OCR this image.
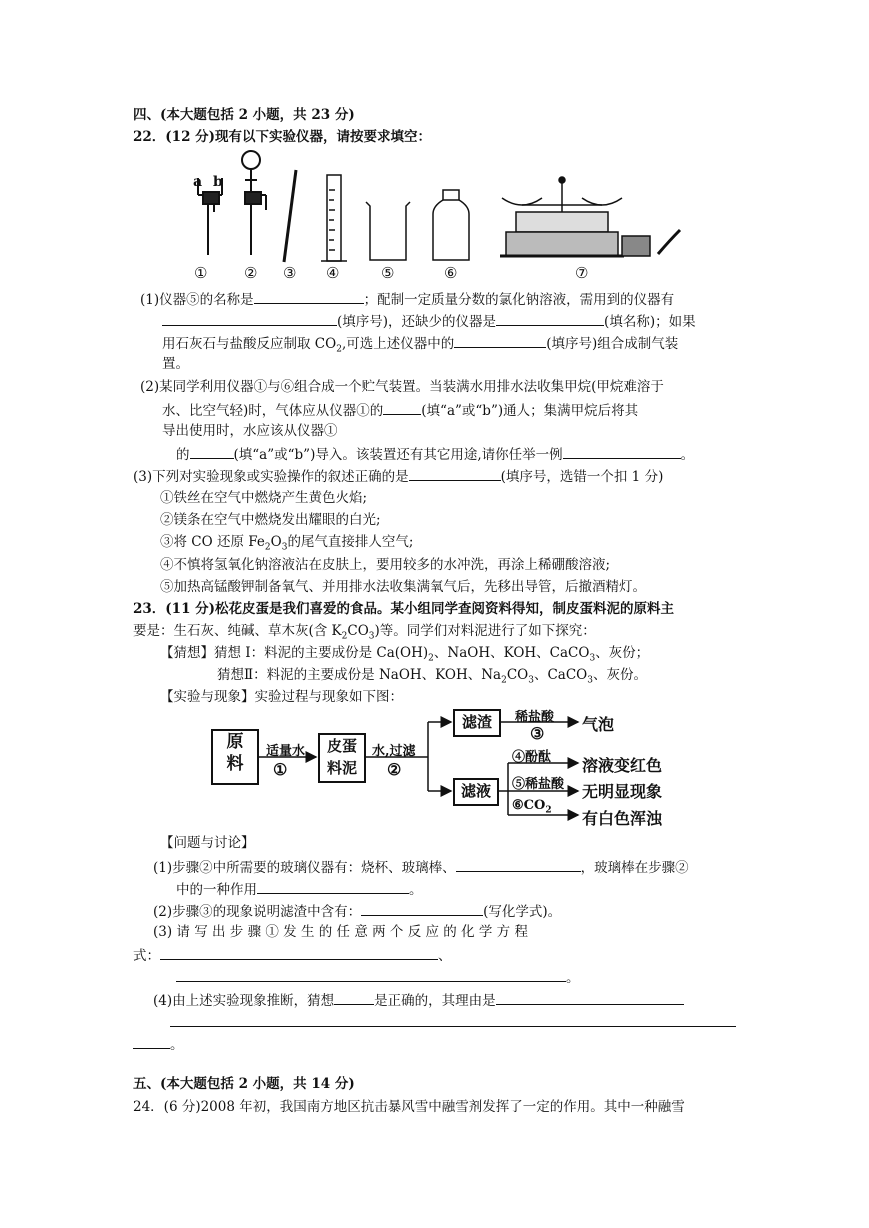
四、(本大题包括 2 小题，共 23 分)
22．(12 分)现有以下实验仪器，请按要求填空：
a b
① ② ③ ④	⑤	⑥	⑦
(1)仪器⑤的名称是	；配制一定质量分数的氯化钠溶液，需用到的仪器有
(填序号)，还缺少的仪器是	(填名称)；如果
用石灰石与盐酸反应制取 $CO_2$,可选上述仪器中的	(填序号)组合成制气装
置。
(2)某同学利用仪器①与⑥组合成一个贮气装置。当装满水用排水法收集甲烷(甲烷难溶于
水、比空气轻)时，气体应从仪器①的	(填“a”或“b”)通人；集满甲烷后将其
导出使用时，水应该从仪器①
的	(填“a”或“b”)导入。该装置还有其它用途,请你任举一例	。
(3)下列对实验现象或实验操作的叙述正确的是	(填序号，选错一个扣 1 分)
①铁丝在空气中燃烧产生黄色火焰;
②镁条在空气中燃烧发出耀眼的白光;
③将 CO 还原 $Fe_2O_3$的尾气直接排人空气;
④不慎将氢氧化钠溶液沾在皮肤上，要用较多的水冲洗，再涂上稀硼酸溶液;
⑤加热高锰酸钾制备氧气、并用排水法收集满氧气后，先移出导管，后撤酒精灯。
23．(11 分)松花皮蛋是我们喜爱的食品。某小组同学查阅资料得知，制皮蛋料泥的原料主
要是：生石灰、纯碱、草木灰(含 $K_2CO_3$)等。同学们对料泥进行了如下探究：
【猜想】猜想 I：料泥的主要成份是 $Ca(OH)_2$、NaOH、KOH、CaCO$_3$、灰份；
猜想Ⅱ：料泥的主要成份是 NaOH、KOH、$Na_2CO_3$、CaCO$_3$、灰份。
【实验与现象】实验过程与现象如下图：
原
料
适量水
①
皮蛋
料泥
水,过滤
②
滤渣
滤液
稀盐酸
③ 气泡
④酚酞 溶液变红色
⑤稀盐酸 无明显现象
$⑥CO_2$ 有白色浑浊
【问题与讨论】
(1)步骤②中所需要的玻璃仪器有：烧杯、玻璃棒、	，玻璃棒在步骤②
中的一种作用	。
(2)步骤③的现象说明滤渣中含有：	(写化学式)。
(3) 请 写 出 步 骤 ① 发 生 的 任 意 两 个 反 应 的 化 学 方 程
式：	、
。
(4)由上述实验现象推断，猜想	是正确的，其理由是
。
五、(本大题包括 2 小题，共 14 分)
24．(6 分)2008 年初，我国南方地区抗击暴风雪中融雪剂发挥了一定的作用。其中一种融雪
